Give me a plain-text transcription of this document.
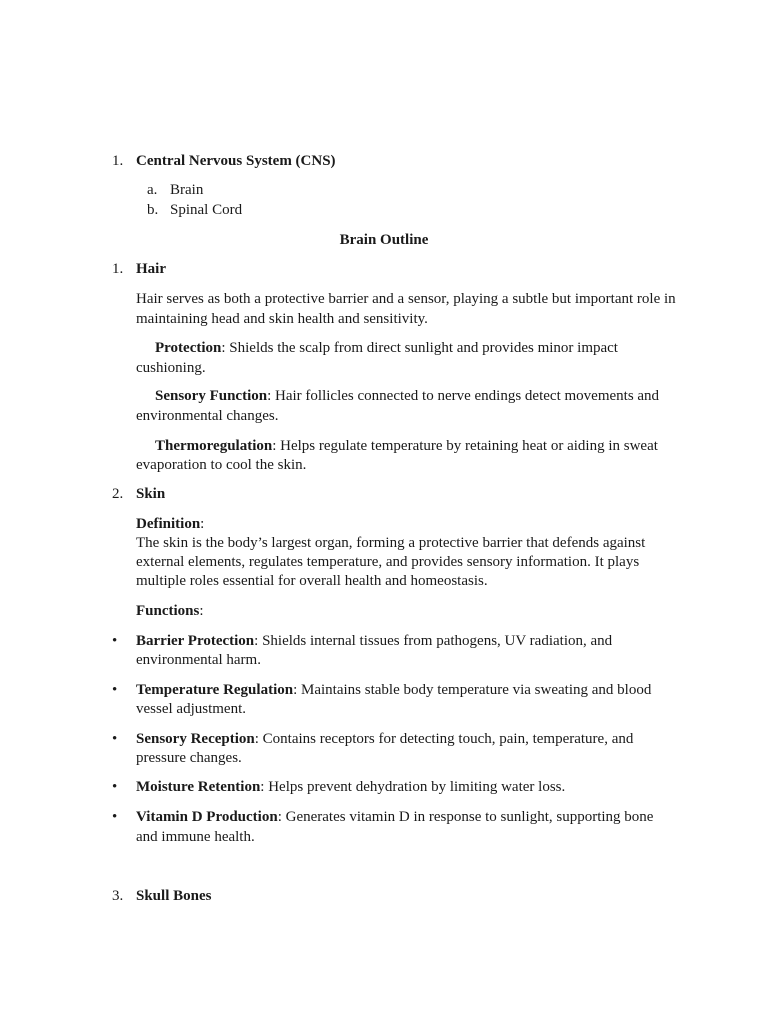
1. Central Nervous System (CNS)
a. Brain
b. Spinal Cord
Brain Outline
1. Hair
Hair serves as both a protective barrier and a sensor, playing a subtle but important role in
maintaining head and skin health and sensitivity.
Protection: Shields the scalp from direct sunlight and provides minor impact
cushioning.
Sensory Function: Hair follicles connected to nerve endings detect movements and
environmental changes.
Thermoregulation: Helps regulate temperature by retaining heat or aiding in sweat
evaporation to cool the skin.
2. Skin
Definition:
The skin is the body’s largest organ, forming a protective barrier that defends against
external elements, regulates temperature, and provides sensory information. It plays
multiple roles essential for overall health and homeostasis.
Functions:
• Barrier Protection: Shields internal tissues from pathogens, UV radiation, and
environmental harm.
• Temperature Regulation: Maintains stable body temperature via sweating and blood
vessel adjustment.
• Sensory Reception: Contains receptors for detecting touch, pain, temperature, and
pressure changes.
• Moisture Retention: Helps prevent dehydration by limiting water loss.
• Vitamin D Production: Generates vitamin D in response to sunlight, supporting bone
and immune health.
3. Skull Bones
